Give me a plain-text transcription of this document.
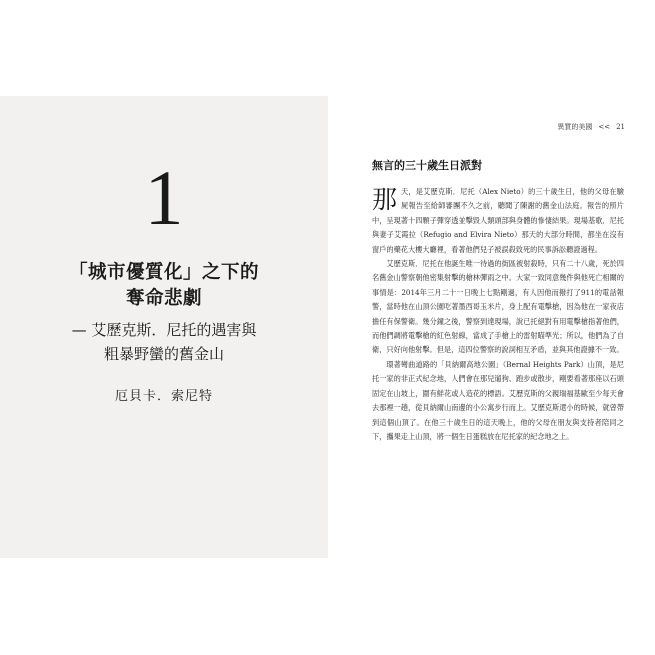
1
「城市優質化」之下的
奪命悲劇
— 艾歷克斯．尼托的遇害與
粗暴野蠻的舊金山
厄貝卡．索尼特
異質的美國 << 21
無言的三十歲生日派對

那天，是艾歷克斯．尼托（Alex Nieto）的三十歲生日，他的父母在驗屍報告至給師審團不久之前，聽聞了陳謝的舊金山法庭。報告的照片中，呈現著十四顆子彈穿透並擊毀人類頭部與身體的慘悽結果。現場基歌．尼托與妻子艾霞拉（Refugio and Elvira Nieto）那天的大部分時間，都坐在沒有窗戶的藥花大樓大廳裡，看著他們兒子被誤殺致死的民事訴訟聽證過程。

艾歷克斯．尼托在他誕生唯一待過的街區被射殺時，只有二十八歲，死於四名舊金山警察朝他密集射擊的槍林彈雨之中。大家一致同意幾件與他死亡相關的事情是：2014年三月二十一日晚上七點剛過，有人因他而撥打了911的電話報警，當時他在山頂公園吃著墨西哥玉米片，身上配有電擊槍，因為他在一家夜店擔任有保警衛。幾分鐘之後，警察到達現場，說已托絕對有用電擊槍指著他們，而他們調將電擊槍的紅色射線，當成了手槍上的雷射瞄準光；所以，他們為了自衛，只好向他射擊。但是，這四位警察的說詞相互矛盾，並與其他證據不一致。

環著彎曲道路的「貝納爾高地公園」（Bernal Heights Park）山頂，是尼托一家的非正式紀念地，人們會在那兒遛狗、跑步或散步，剛要看著那座以石頭固定在山坡上，圍有鮮花或人造花的標語。艾歷克斯的父親瑞福基歐至少每天會去那裡一趟，從貝納爾山南邊的小公寓步行而上。艾歷克斯還小的時候，就曾帶到這個山頂了。在他三十歲生日的這天晚上，他的父母在朋友與支持者陪同之下，攜果走上山頂，將一個生日蛋糕放在尼托家的紀念地之上。
